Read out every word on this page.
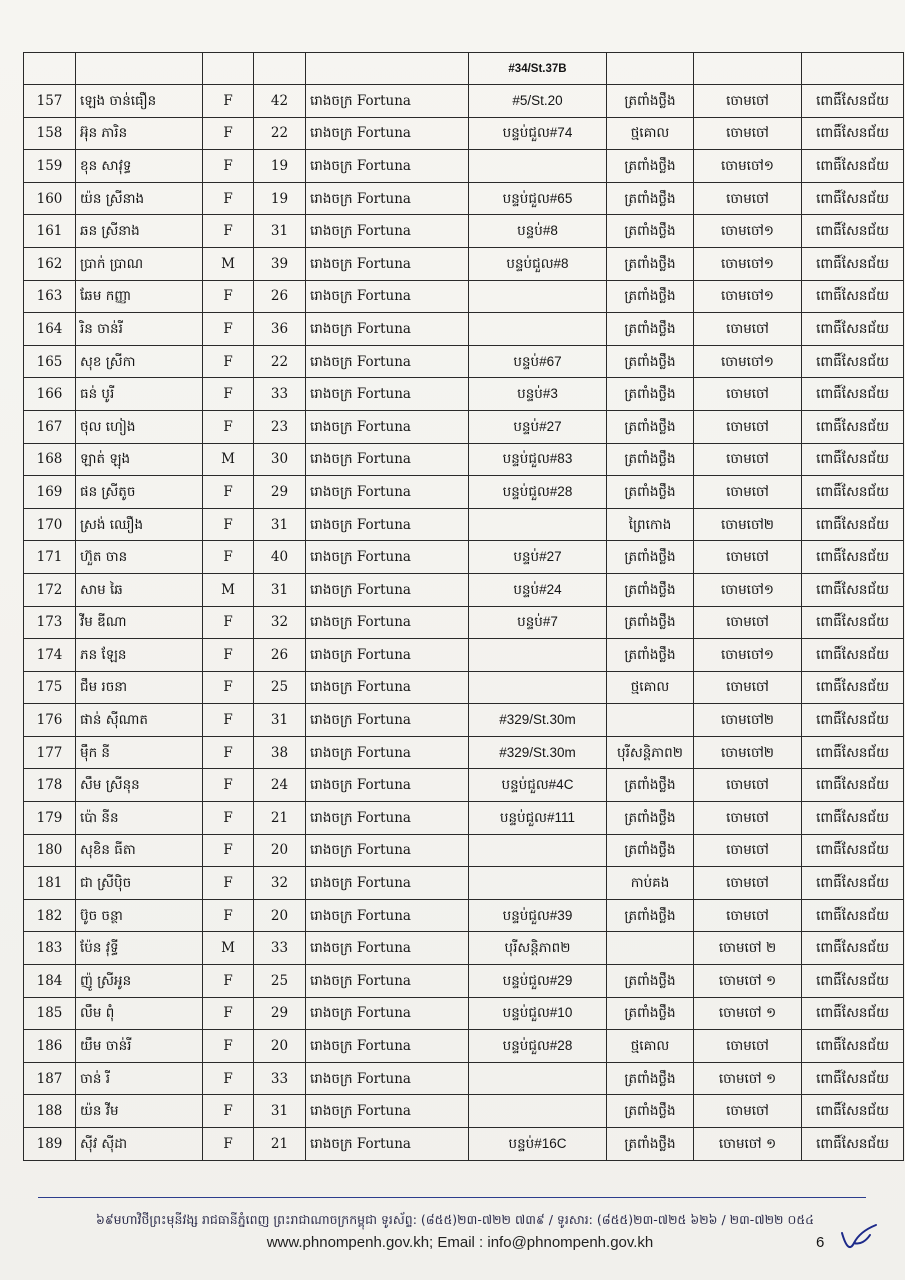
					#34/St.37B			
157	ឡេង ចាន់ធឿន	F	42	រោងចក្រ Fortuna	#5/St.20	ត្រពាំងថ្លឹង	ចោមចៅ	ពោធិ៍សែនជ័យ
158	អ៊ុន ភារិន	F	22	រោងចក្រ Fortuna	បន្ទប់ជួល#74	ថ្មគោល	ចោមចៅ	ពោធិ៍សែនជ័យ
159	ខុន សាវុទ្ធ	F	19	រោងចក្រ Fortuna		ត្រពាំងថ្លឹង	ចោមចៅ១	ពោធិ៍សែនជ័យ
160	យ៉ន ស្រីនាង	F	19	រោងចក្រ Fortuna	បន្ទប់ជួល#65	ត្រពាំងថ្លឹង	ចោមចៅ	ពោធិ៍សែនជ័យ
161	ឆន ស្រីនាង	F	31	រោងចក្រ Fortuna	បន្ទប់#8	ត្រពាំងថ្លឹង	ចោមចៅ១	ពោធិ៍សែនជ័យ
162	ប្រាក់ ប្រាណ	M	39	រោងចក្រ Fortuna	បន្ទប់ជួល#8	ត្រពាំងថ្លឹង	ចោមចៅ១	ពោធិ៍សែនជ័យ
163	ឆែម កញ្ញា	F	26	រោងចក្រ Fortuna		ត្រពាំងថ្លឹង	ចោមចៅ១	ពោធិ៍សែនជ័យ
164	រិន ចាន់រី	F	36	រោងចក្រ Fortuna		ត្រពាំងថ្លឹង	ចោមចៅ	ពោធិ៍សែនជ័យ
165	សុខ ស្រីកា	F	22	រោងចក្រ Fortuna	បន្ទប់#67	ត្រពាំងថ្លឹង	ចោមចៅ១	ពោធិ៍សែនជ័យ
166	ធន់ បូរី	F	33	រោងចក្រ Fortuna	បន្ទប់#3	ត្រពាំងថ្លឹង	ចោមចៅ	ពោធិ៍សែនជ័យ
167	ថុល ហៀង	F	23	រោងចក្រ Fortuna	បន្ទប់#27	ត្រពាំងថ្លឹង	ចោមចៅ	ពោធិ៍សែនជ័យ
168	ឡាត់ ឡុង	M	30	រោងចក្រ Fortuna	បន្ទប់ជួល#83	ត្រពាំងថ្លឹង	ចោមចៅ	ពោធិ៍សែនជ័យ
169	ផន ស្រីតូច	F	29	រោងចក្រ Fortuna	បន្ទប់ជួល#28	ត្រពាំងថ្លឹង	ចោមចៅ	ពោធិ៍សែនជ័យ
170	ស្រង់ ឈឿង	F	31	រោងចក្រ Fortuna		ព្រៃកោង	ចោមចៅ២	ពោធិ៍សែនជ័យ
171	ហ៊ួត ចាន	F	40	រោងចក្រ Fortuna	បន្ទប់#27	ត្រពាំងថ្លឹង	ចោមចៅ	ពោធិ៍សែនជ័យ
172	សាម ឆៃ	M	31	រោងចក្រ Fortuna	បន្ទប់#24	ត្រពាំងថ្លឹង	ចោមចៅ១	ពោធិ៍សែនជ័យ
173	វីម ឌីណា	F	32	រោងចក្រ Fortuna	បន្ទប់#7	ត្រពាំងថ្លឹង	ចោមចៅ	ពោធិ៍សែនជ័យ
174	ភន ឡែន	F	26	រោងចក្រ Fortuna		ត្រពាំងថ្លឹង	ចោមចៅ១	ពោធិ៍សែនជ័យ
175	ជឹម រចនា	F	25	រោងចក្រ Fortuna		ថ្មគោល	ចោមចៅ	ពោធិ៍សែនជ័យ
176	ផាន់ ស៊ីណាត	F	31	រោងចក្រ Fortuna	#329/St.30m		ចោមចៅ២	ពោធិ៍សែនជ័យ
177	ម៉ឹក នី	F	38	រោងចក្រ Fortuna	#329/St.30m	បុរីសន្តិភាព២	ចោមចៅ២	ពោធិ៍សែនជ័យ
178	សឹម ស្រីនុន	F	24	រោងចក្រ Fortuna	បន្ទប់ជួល#4C	ត្រពាំងថ្លឹង	ចោមចៅ	ពោធិ៍សែនជ័យ
179	ប៉ោ នីន	F	21	រោងចក្រ Fortuna	បន្ទប់ជួល#111	ត្រពាំងថ្លឹង	ចោមចៅ	ពោធិ៍សែនជ័យ
180	សុខិន ធីតា	F	20	រោងចក្រ Fortuna		ត្រពាំងថ្លឹង	ចោមចៅ	ពោធិ៍សែនជ័យ
181	ជា ស្រីប៉ិច	F	32	រោងចក្រ Fortuna		កាប់គង	ចោមចៅ	ពោធិ៍សែនជ័យ
182	ប៊ូច ចន្ថា	F	20	រោងចក្រ Fortuna	បន្ទប់ជួល#39	ត្រពាំងថ្លឹង	ចោមចៅ	ពោធិ៍សែនជ័យ
183	ប៉ែន វុទ្ធី	M	33	រោងចក្រ Fortuna	បុរីសន្តិភាព២		ចោមចៅ ២	ពោធិ៍សែនជ័យ
184	ញ៉ូ ស្រីអូន	F	25	រោងចក្រ Fortuna	បន្ទប់ជួល#29	ត្រពាំងថ្លឹង	ចោមចៅ ១	ពោធិ៍សែនជ័យ
185	លឹម ពុំ	F	29	រោងចក្រ Fortuna	បន្ទប់ជួល#10	ត្រពាំងថ្លឹង	ចោមចៅ ១	ពោធិ៍សែនជ័យ
186	យឹម ចាន់រី	F	20	រោងចក្រ Fortuna	បន្ទប់ជួល#28	ថ្មគោល	ចោមចៅ	ពោធិ៍សែនជ័យ
187	ចាន់ រី	F	33	រោងចក្រ Fortuna		ត្រពាំងថ្លឹង	ចោមចៅ ១	ពោធិ៍សែនជ័យ
188	យ៉ន វីម	F	31	រោងចក្រ Fortuna		ត្រពាំងថ្លឹង	ចោមចៅ	ពោធិ៍សែនជ័យ
189	ស៊ីវ ស៊ីដា	F	21	រោងចក្រ Fortuna	បន្ទប់#16C	ត្រពាំងថ្លឹង	ចោមចៅ ១	ពោធិ៍សែនជ័យ
៦៩មហាវិថីព្រះមុនីវង្ស រាជធានីភ្នំពេញ ព្រះរាជាណាចក្រកម្ពុជា ទូរស័ព្ទ: (៨៥៥)២៣-៧២២ ៧៣៩ / ទូរសារ: (៨៥៥)២៣-៧២៥ ៦២៦ / ២៣-៧២២ ០៥៤
www.phnompenh.gov.kh; Email : info@phnompenh.gov.kh	6
